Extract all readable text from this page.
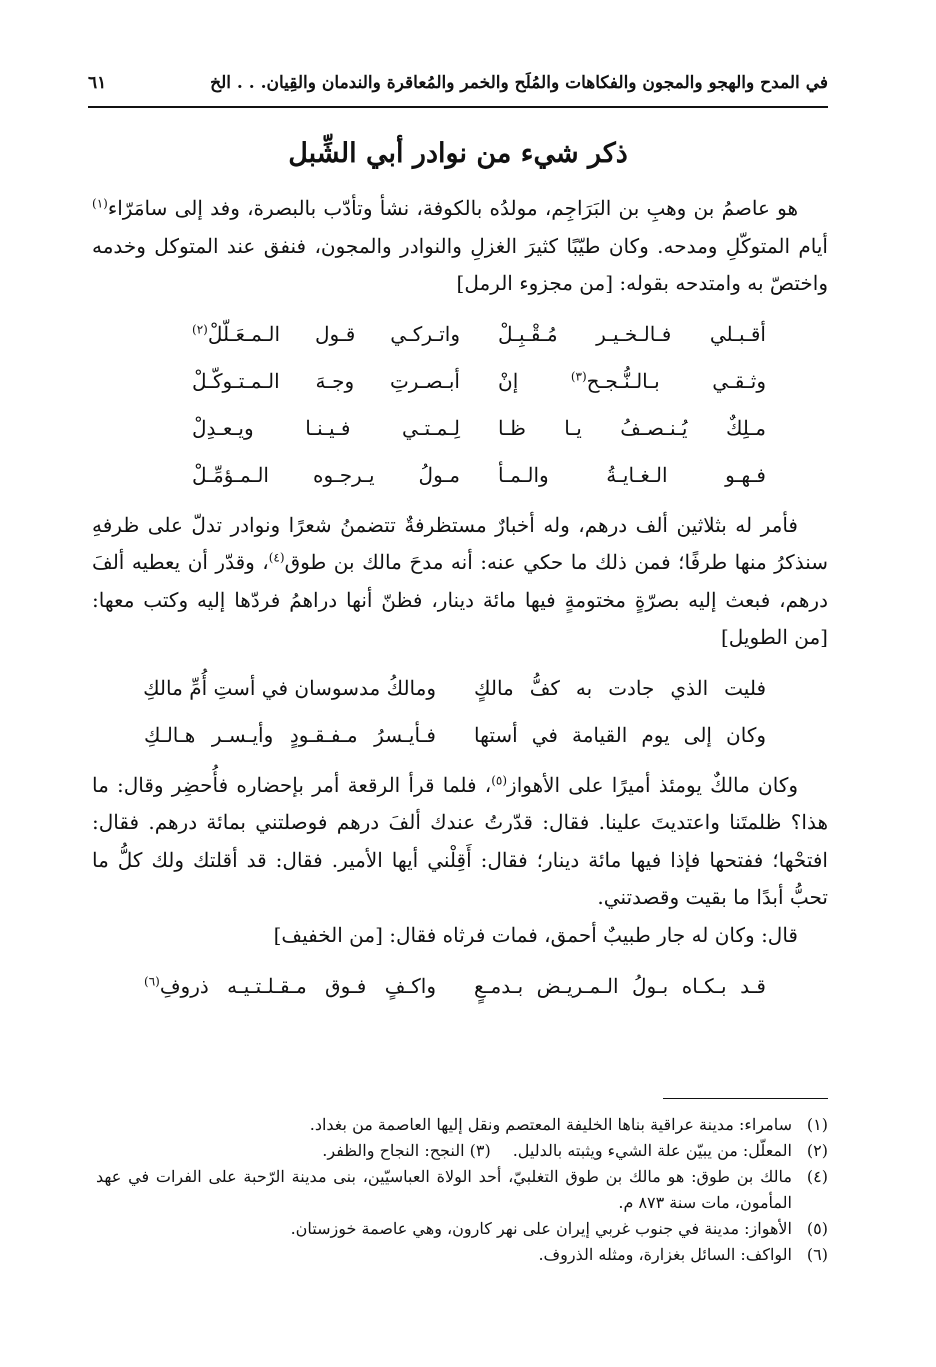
في المدح والهجو والمجون والفكاهات والمُلَح والخمر والمُعاقرة والندمان والقِيان. . . الخ
٦١
ذكر شيء من نوادر أبي الشِّبل

هو عاصمُ بن وهبِ بن البَرَاجِم، مولدُه بالكوفة، نشأ وتأدّب بالبصرة، وفد إلى سامَرّاء$^{(١)}$ أيام المتوكّلِ ومدحه. وكان طيّبًا كثيرَ الغزلِ والنوادر والمجون، فنفق عند المتوكل وخدمه واختصّ به وامتدحه بقوله: [من مجزوء الرمل]

أقـبـلي فـالـخـيـر مُـقْـبِـلْ
واتـركـي قـول الـمـعَـلّلْ$^{(٢)}$
وثـقـي بـالـنُّـجـح$^{(٣)}$ إنْ
أبـصـرتِ وجـهَ الـمـتـوكّـلْ
مـلِكٌ يُـنـصـفُ يـا ظـا
لِـمـتـي فـيـنـا ويـعـدِلْ
فـهـو الـغـايـةُ والـمـأ
مـولُ يـرجـوه الـمـؤمِّـلْ

فأمر له بثلاثين ألف درهم، وله أخبارٌ مستظرفةٌ تتضمنُ شعرًا ونوادر تدلّ على ظرفهِ سنذكرُ منها طرفًا؛ فمن ذلك ما حكي عنه: أنه مدحَ مالك بن طوق$^{(٤)}$، وقدّر أن يعطيه ألفَ درهم، فبعث إليه بصرّةٍ مختومةٍ فيها مائة دينار، فظنّ أنها دراهمُ فردّها إليه وكتب معها: [من الطويل]

فليت الذي جادت به كفُّ مالكٍ
ومالكُ مدسوسان في أستِ أُمِّ مالكِ
وكان إلى يوم القيامة في أستها
فـأيـسرُ مـفـقـودٍ وأيـسـر هـالـكِ

وكان مالكٌ يومئذ أميرًا على الأهواز$^{(٥)}$، فلما قرأ الرقعة أمر بإحضاره فأُحضِر وقال: ما هذا؟ ظلمتَنا واعتديتَ علينا. فقال: قدّرتُ عندك ألفَ درهم فوصلتني بمائة درهم. فقال: افتحْها؛ ففتحها فإذا فيها مائة دينار؛ فقال: أَقِلْني أيها الأمير. فقال: قد أقلتك ولك كلُّ ما تحبُّ أبدًا ما بقيت وقصدتني.

قال: وكان له جار طبيبٌ أحمق، فمات فرثاه فقال: [من الخفيف]

قـد بـكـاه بـولُ الـمـريـض بـدمـعٍ
واكـفٍ فـوق مـقـلـتـيـه ذروفِ$^{(٦)}$
(١)
سامراء: مدينة عراقية بناها الخليفة المعتصم ونقل إليها العاصمة من بغداد.
(٢)
المعلّل: من يبيّن علة الشيء ويثبته بالدليل.(٣) النجح: النجاح والظفر.
(٤)
مالك بن طوق: هو مالك بن طوق التغلبيّ، أحد الولاة العباسيّين، بنى مدينة الرّحبة على الفرات في عهد المأمون، مات سنة ٨٧٣ م.
(٥)
الأهواز: مدينة في جنوب غربي إيران على نهر كارون، وهي عاصمة خوزستان.
(٦)
الواكف: السائل بغزارة، ومثله الذروف.
